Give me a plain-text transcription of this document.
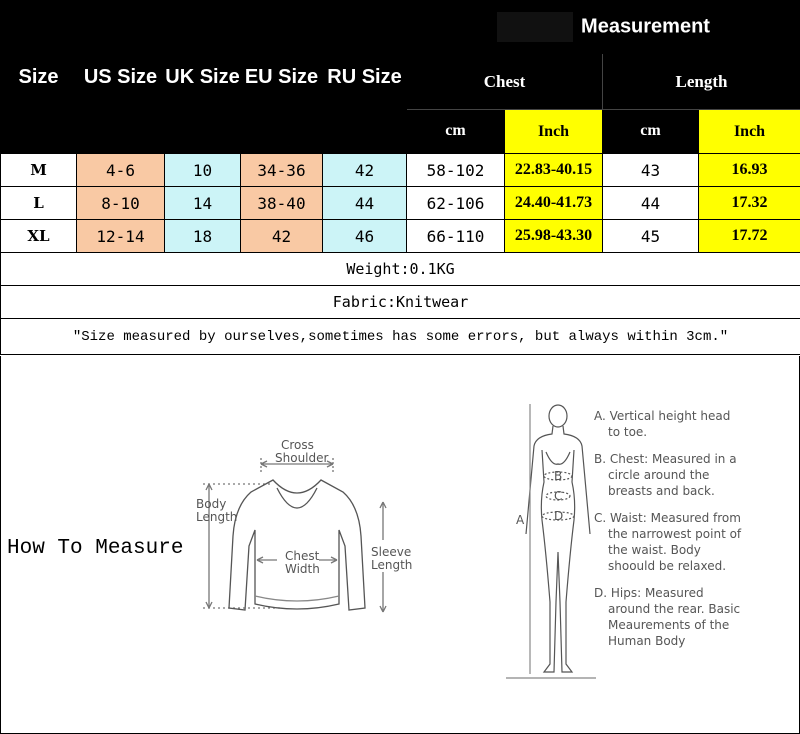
Size	US Size	UK Size	EU Size	RU Size	Measurement			
					Chest		Length	
					cm	Inch	cm	Inch
M	4-6	10	34-36	42	58-102	22.83-40.15	43	16.93
L	8-10	14	38-40	44	62-106	24.40-41.73	44	17.32
XL	12-14	18	42	46	66-110	25.98-43.30	45	17.72
Weight:0.1KG								
Fabric:Knitwear								
"Size measured by ourselves,sometimes has some errors, but always within 3cm."								
How To Measure
Cross
Shoulder
Body
Length
Chest
Width
Sleeve
Length
B
C
D
A

A. Vertical height head to toe.

B. Chest: Measured in a circle around the breasts and back.

C. Waist: Measured from the narrowest point of the waist. Body shoould be relaxed.

D. Hips: Measured around the rear. Basic Meaurements of the Human Body
